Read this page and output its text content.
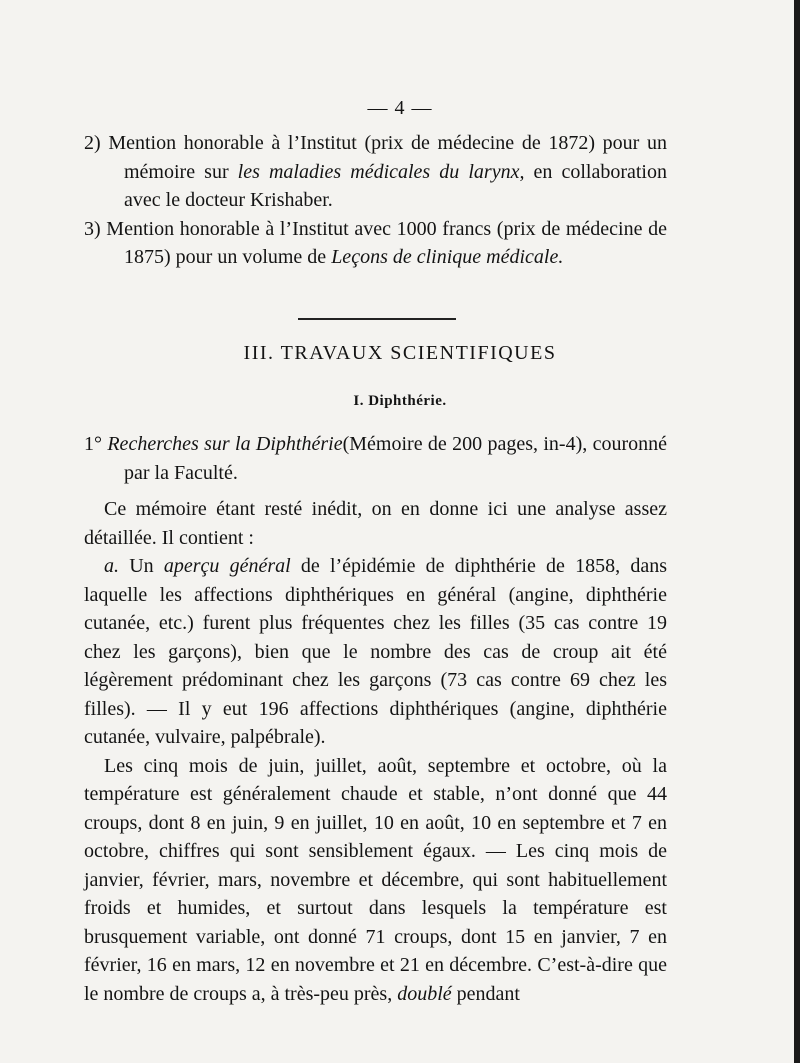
— 4 —

2) Mention honorable à l’Institut (prix de médecine de 1872) pour un mémoire sur les maladies médicales du larynx, en collaboration avec le docteur Krishaber.

3) Mention honorable à l’Institut avec 1000 francs (prix de médecine de 1875) pour un volume de Leçons de clinique médicale.

III. TRAVAUX SCIENTIFIQUES
I. Diphthérie.

1° Recherches sur la Diphthérie(Mémoire de 200 pages, in-4), couronné par la Faculté.

Ce mémoire étant resté inédit, on en donne ici une analyse assez détaillée. Il contient :

a. Un aperçu général de l’épidémie de diphthérie de 1858, dans laquelle les affections diphthériques en général (angine, diphthérie cutanée, etc.) furent plus fréquentes chez les filles (35 cas contre 19 chez les garçons), bien que le nombre des cas de croup ait été légèrement prédominant chez les garçons (73 cas contre 69 chez les filles). — Il y eut 196 affections diphthériques (angine, diphthérie cutanée, vulvaire, palpébrale).

Les cinq mois de juin, juillet, août, septembre et octobre, où la température est généralement chaude et stable, n’ont donné que 44 croups, dont 8 en juin, 9 en juillet, 10 en août, 10 en septembre et 7 en octobre, chiffres qui sont sensiblement égaux. — Les cinq mois de janvier, février, mars, novembre et décembre, qui sont habituellement froids et humides, et surtout dans lesquels la température est brusquement variable, ont donné 71 croups, dont 15 en janvier, 7 en février, 16 en mars, 12 en novembre et 21 en décembre. C’est-à-dire que le nombre de croups a, à très-peu près, doublé pendant
